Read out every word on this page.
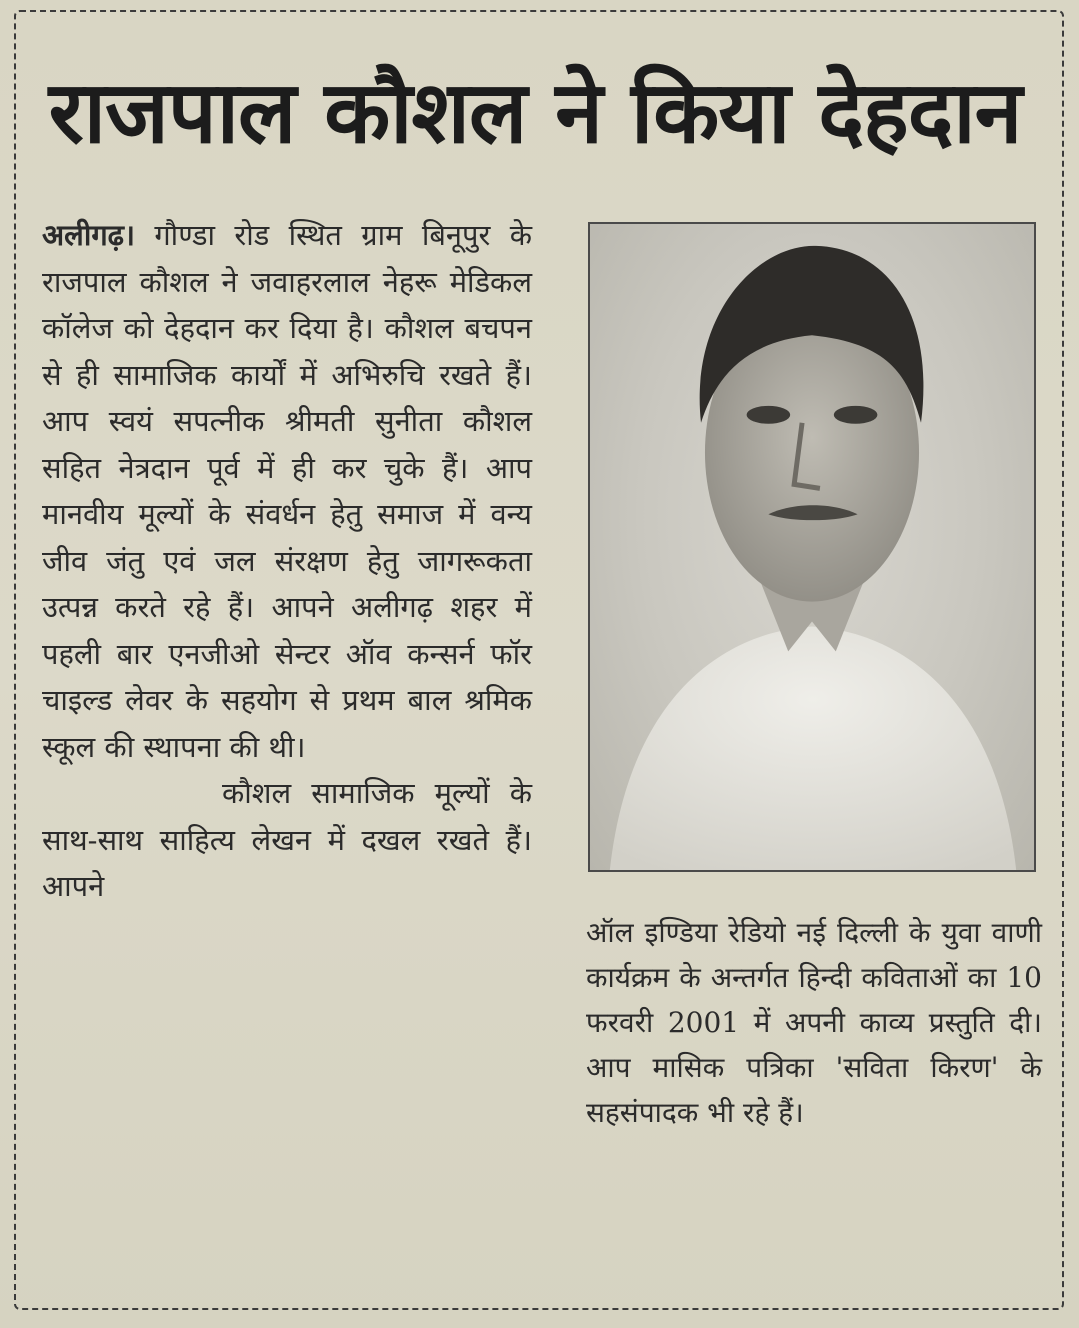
राजपाल कौशल ने किया देहदान

अलीगढ़। गौण्डा रोड स्थित ग्राम बिनूपुर के राजपाल कौशल ने जवाहरलाल नेहरू मेडिकल कॉलेज को देहदान कर दिया है। कौशल बचपन से ही सामाजिक कार्यों में अभिरुचि रखते हैं। आप स्वयं सपत्नीक श्रीमती सुनीता कौशल सहित नेत्रदान पूर्व में ही कर चुके हैं। आप मानवीय मूल्यों के संवर्धन हेतु समाज में वन्य जीव जंतु एवं जल संरक्षण हेतु जागरूकता उत्पन्न करते रहे हैं। आपने अलीगढ़ शहर में पहली बार एनजीओ सेन्टर ऑव कन्सर्न फॉर चाइल्ड लेवर के सहयोग से प्रथम बाल श्रमिक स्कूल की स्थापना की थी।

कौशल सामाजिक मूल्यों के साथ-साथ साहित्य लेखन में दखल रखते हैं। आपने

ऑल इण्डिया रेडियो नई दिल्ली के युवा वाणी कार्यक्रम के अन्तर्गत हिन्दी कविताओं का 10 फरवरी 2001 में अपनी काव्य प्रस्तुति दी। आप मासिक पत्रिका 'सविता किरण' के सहसंपादक भी रहे हैं।
